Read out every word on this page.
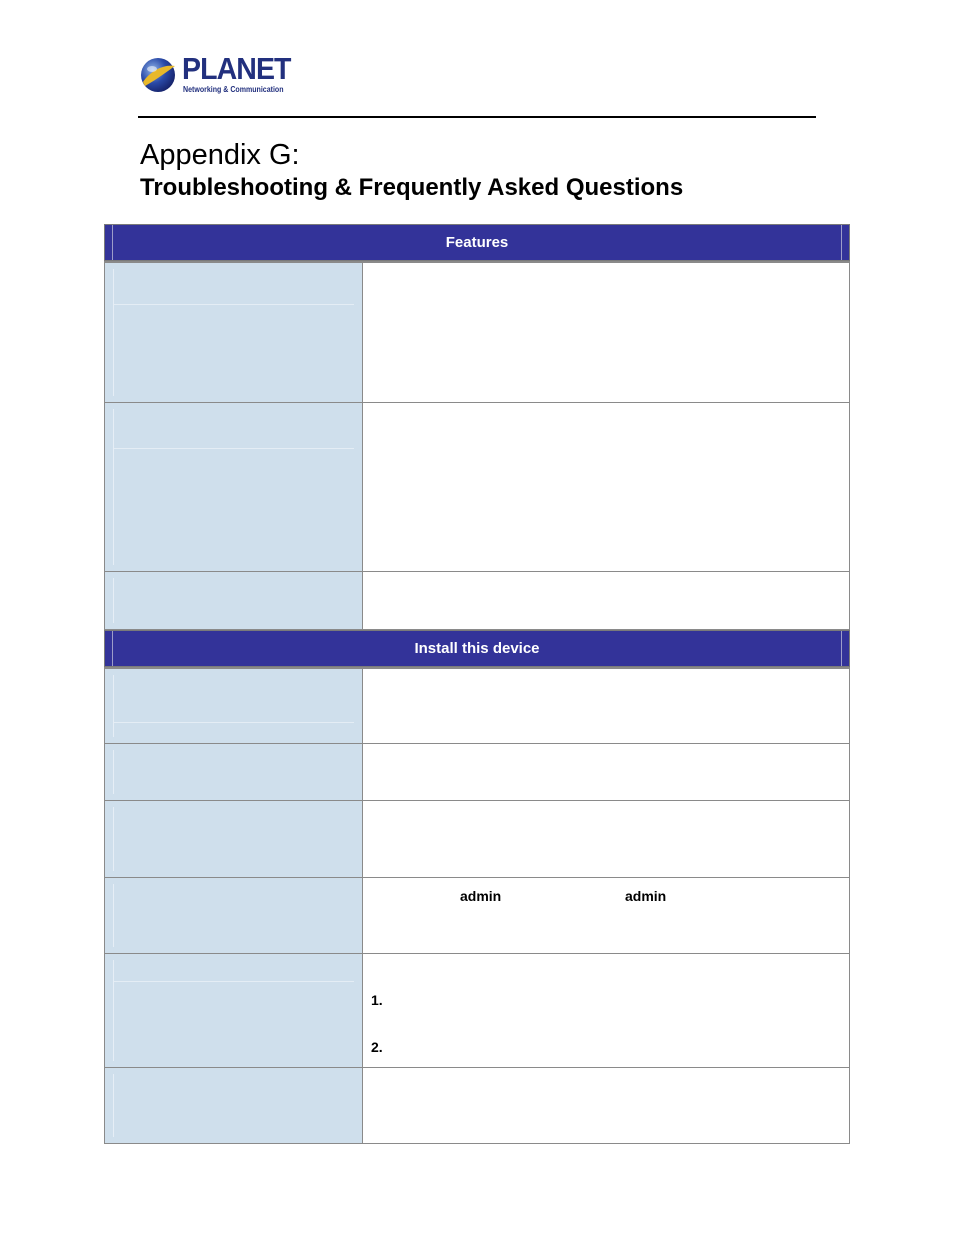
PLANET
Networking & Communication
Appendix G:
Troubleshooting & Frequently Asked Questions
Features
Install this device
admin	admin
1.
2.
